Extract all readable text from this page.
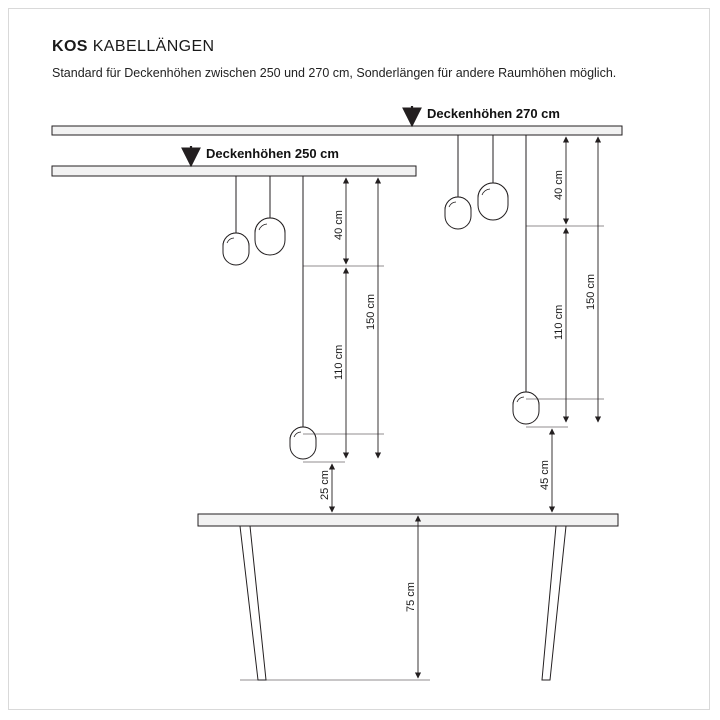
KOS KABELLÄNGEN
Standard für Deckenhöhen zwischen 250 und 270 cm, Sonderlängen für andere Raumhöhen möglich.
Deckenhöhen 270 cm
Deckenhöhen 250 cm
40 cm
110 cm
150 cm
25 cm
40 cm
110 cm
150 cm
45 cm
75 cm
